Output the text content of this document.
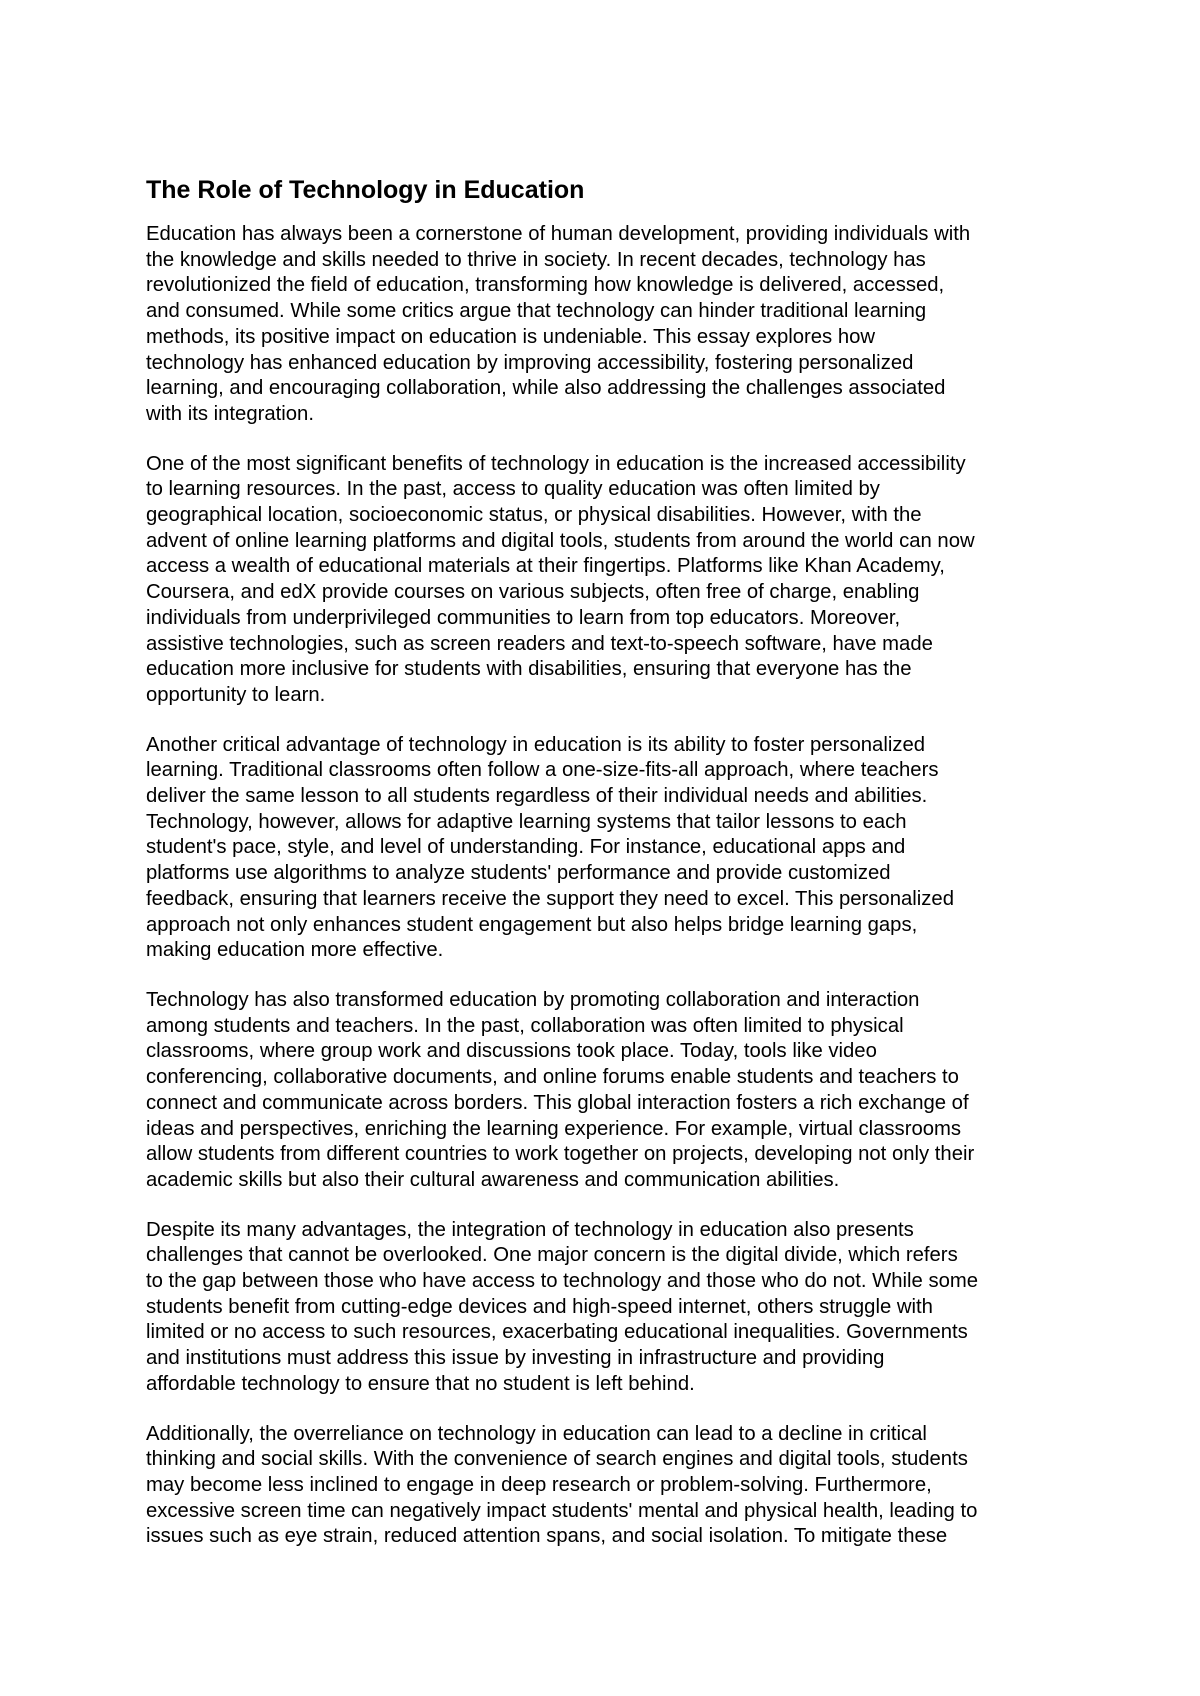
The Role of Technology in Education

Education has always been a cornerstone of human development, providing individuals with
the knowledge and skills needed to thrive in society. In recent decades, technology has
revolutionized the field of education, transforming how knowledge is delivered, accessed,
and consumed. While some critics argue that technology can hinder traditional learning
methods, its positive impact on education is undeniable. This essay explores how
technology has enhanced education by improving accessibility, fostering personalized
learning, and encouraging collaboration, while also addressing the challenges associated
with its integration.

One of the most significant benefits of technology in education is the increased accessibility
to learning resources. In the past, access to quality education was often limited by
geographical location, socioeconomic status, or physical disabilities. However, with the
advent of online learning platforms and digital tools, students from around the world can now
access a wealth of educational materials at their fingertips. Platforms like Khan Academy,
Coursera, and edX provide courses on various subjects, often free of charge, enabling
individuals from underprivileged communities to learn from top educators. Moreover,
assistive technologies, such as screen readers and text-to-speech software, have made
education more inclusive for students with disabilities, ensuring that everyone has the
opportunity to learn.

Another critical advantage of technology in education is its ability to foster personalized
learning. Traditional classrooms often follow a one-size-fits-all approach, where teachers
deliver the same lesson to all students regardless of their individual needs and abilities.
Technology, however, allows for adaptive learning systems that tailor lessons to each
student's pace, style, and level of understanding. For instance, educational apps and
platforms use algorithms to analyze students' performance and provide customized
feedback, ensuring that learners receive the support they need to excel. This personalized
approach not only enhances student engagement but also helps bridge learning gaps,
making education more effective.

Technology has also transformed education by promoting collaboration and interaction
among students and teachers. In the past, collaboration was often limited to physical
classrooms, where group work and discussions took place. Today, tools like video
conferencing, collaborative documents, and online forums enable students and teachers to
connect and communicate across borders. This global interaction fosters a rich exchange of
ideas and perspectives, enriching the learning experience. For example, virtual classrooms
allow students from different countries to work together on projects, developing not only their
academic skills but also their cultural awareness and communication abilities.

Despite its many advantages, the integration of technology in education also presents
challenges that cannot be overlooked. One major concern is the digital divide, which refers
to the gap between those who have access to technology and those who do not. While some
students benefit from cutting-edge devices and high-speed internet, others struggle with
limited or no access to such resources, exacerbating educational inequalities. Governments
and institutions must address this issue by investing in infrastructure and providing
affordable technology to ensure that no student is left behind.

Additionally, the overreliance on technology in education can lead to a decline in critical
thinking and social skills. With the convenience of search engines and digital tools, students
may become less inclined to engage in deep research or problem-solving. Furthermore,
excessive screen time can negatively impact students' mental and physical health, leading to
issues such as eye strain, reduced attention spans, and social isolation. To mitigate these
